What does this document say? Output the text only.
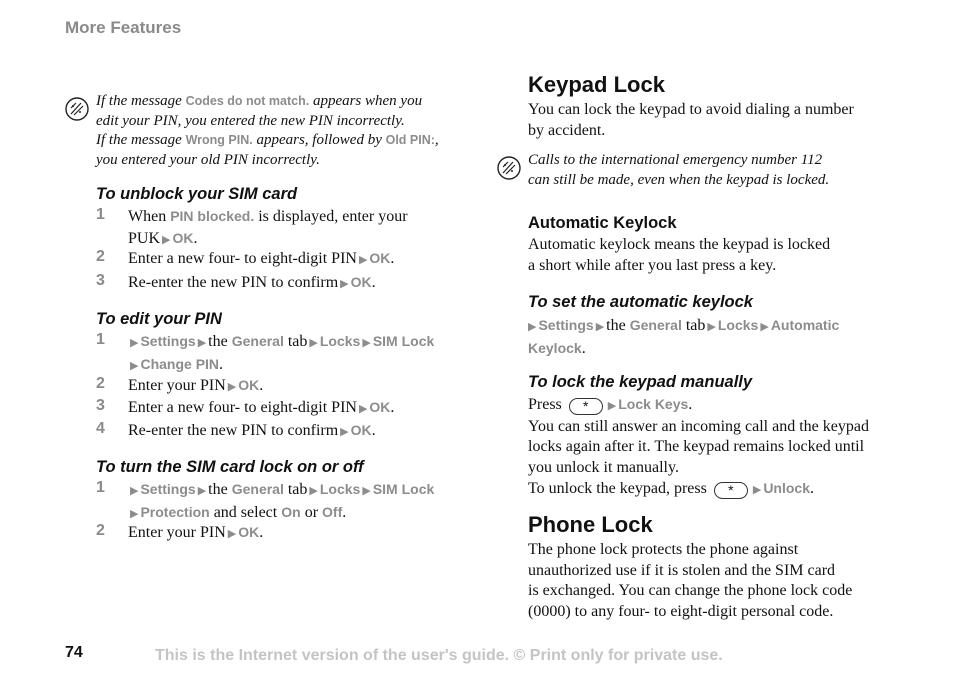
More Features
If the message Codes do not match. appears when you
edit your PIN, you entered the new PIN incorrectly.
If the message Wrong PIN. appears, followed by Old PIN:,
you entered your old PIN incorrectly.
To unblock your SIM card
1 When PIN blocked. is displayed, enter your
PUK ▶ OK.
2 Enter a new four- to eight-digit PIN ▶ OK.
3 Re-enter the new PIN to confirm ▶ OK.
To edit your PIN
1 ▶ Settings ▶ the General tab ▶ Locks ▶ SIM Lock
▶ Change PIN.
2 Enter your PIN ▶ OK.
3 Enter a new four- to eight-digit PIN ▶ OK.
4 Re-enter the new PIN to confirm ▶ OK.
To turn the SIM card lock on or off
1 ▶ Settings ▶ the General tab ▶ Locks ▶ SIM Lock
▶ Protection and select On or Off.
2 Enter your PIN ▶ OK.
Keypad Lock
You can lock the keypad to avoid dialing a number
by accident.
Calls to the international emergency number 112
can still be made, even when the keypad is locked.
Automatic Keylock
Automatic keylock means the keypad is locked
a short while after you last press a key.
To set the automatic keylock
▶ Settings ▶ the General tab ▶ Locks ▶ Automatic
Keylock.
To lock the keypad manually
Press * ▶ Lock Keys.
You can still answer an incoming call and the keypad
locks again after it. The keypad remains locked until
you unlock it manually.
To unlock the keypad, press * ▶ Unlock.
Phone Lock
The phone lock protects the phone against
unauthorized use if it is stolen and the SIM card
is exchanged. You can change the phone lock code
(0000) to any four- to eight-digit personal code.
74	This is the Internet version of the user's guide. © Print only for private use.
